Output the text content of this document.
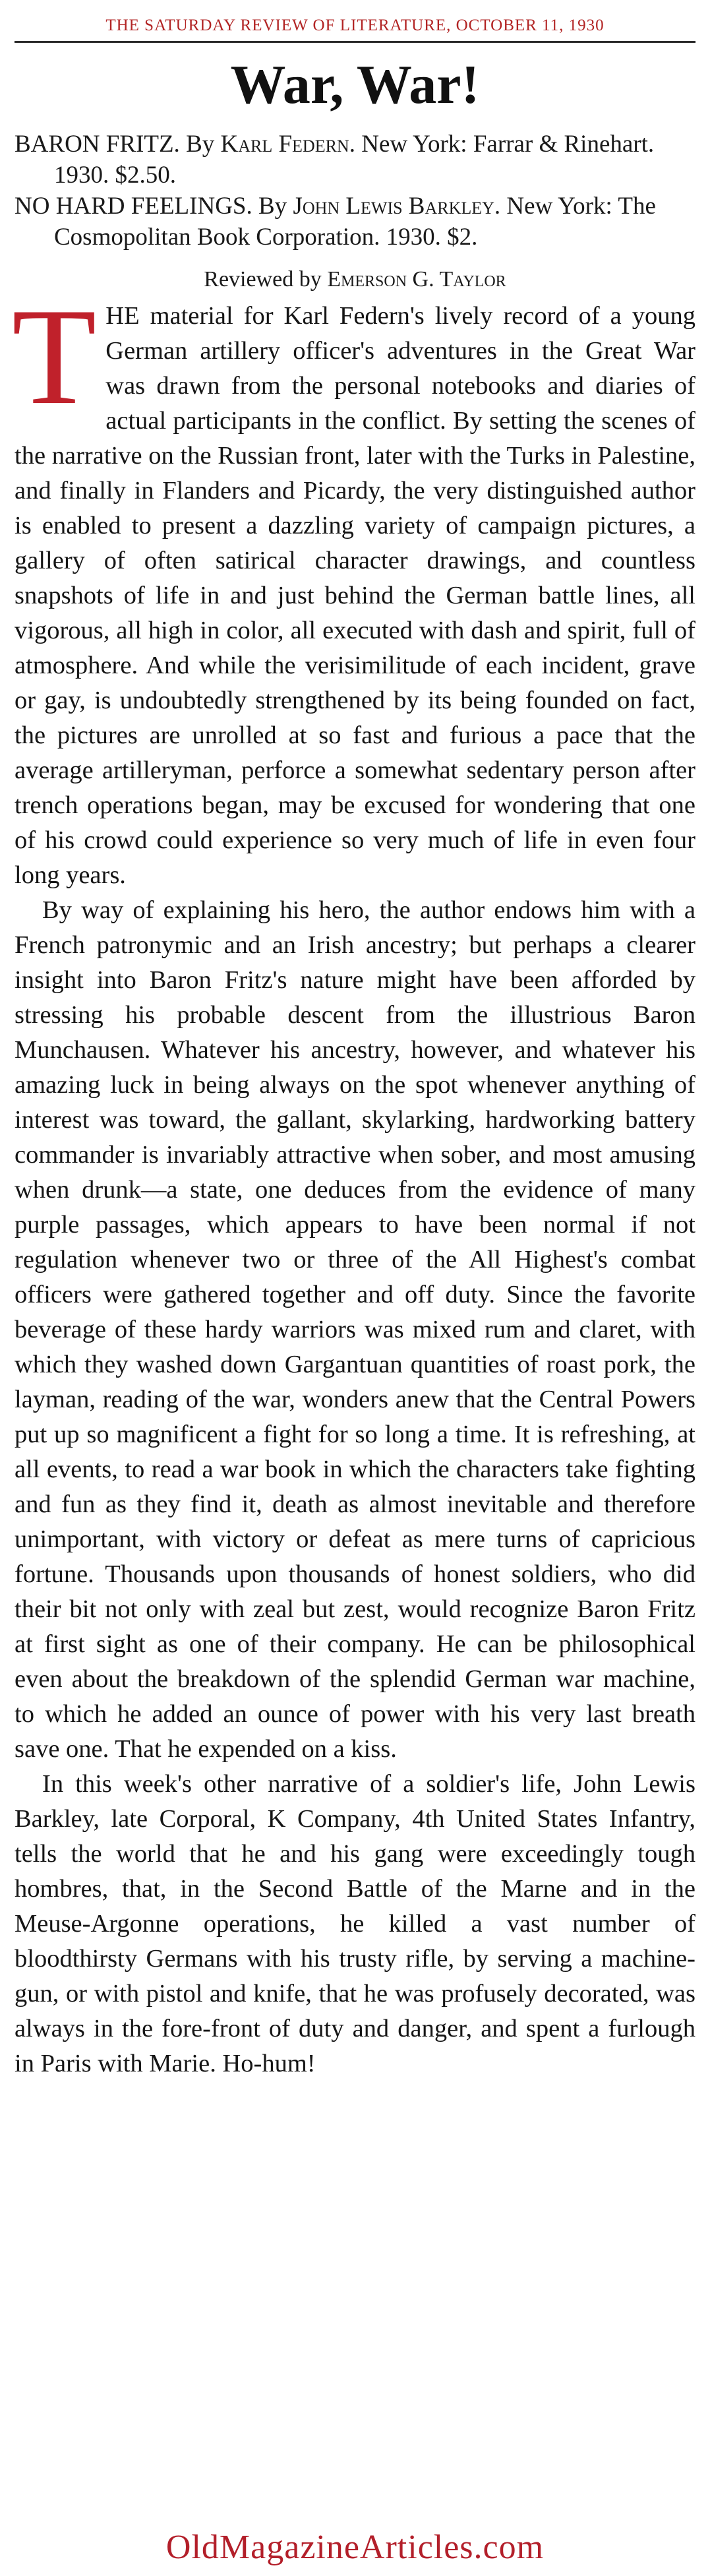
THE SATURDAY REVIEW OF LITERATURE, OCTOBER 11, 1930
War, War!

BARON FRITZ. By Karl Federn. New York: Farrar & Rinehart. 1930. $2.50.

NO HARD FEELINGS. By John Lewis Barkley. New York: The Cosmopolitan Book Corporation. 1930. $2.

Reviewed by Emerson G. Taylor

T HE material for Karl Federn's lively record of a young German artillery officer's adventures in the Great War was drawn from the personal notebooks and diaries of actual participants in the conflict. By setting the scenes of the narrative on the Russian front, later with the Turks in Palestine, and finally in Flanders and Picardy, the very distinguished author is enabled to present a dazzling variety of campaign pictures, a gallery of often satirical character drawings, and countless snapshots of life in and just behind the German battle lines, all vigorous, all high in color, all executed with dash and spirit, full of atmosphere. And while the verisimilitude of each incident, grave or gay, is undoubtedly strengthened by its being founded on fact, the pictures are unrolled at so fast and furious a pace that the average artilleryman, perforce a somewhat sedentary person after trench operations began, may be excused for wondering that one of his crowd could experience so very much of life in even four long years.

By way of explaining his hero, the author endows him with a French patronymic and an Irish ancestry; but perhaps a clearer insight into Baron Fritz's nature might have been afforded by stressing his probable descent from the illustrious Baron Munchausen. Whatever his ancestry, however, and whatever his amazing luck in being always on the spot whenever anything of interest was toward, the gallant, skylarking, hardworking battery commander is invariably attractive when sober, and most amusing when drunk—a state, one deduces from the evidence of many purple passages, which appears to have been normal if not regulation whenever two or three of the All Highest's combat officers were gathered together and off duty. Since the favorite beverage of these hardy warriors was mixed rum and claret, with which they washed down Gargantuan quantities of roast pork, the layman, reading of the war, wonders anew that the Central Powers put up so magnificent a fight for so long a time. It is refreshing, at all events, to read a war book in which the characters take fighting and fun as they find it, death as almost inevitable and therefore unimportant, with victory or defeat as mere turns of capricious fortune. Thousands upon thousands of honest soldiers, who did their bit not only with zeal but zest, would recognize Baron Fritz at first sight as one of their company. He can be philosophical even about the breakdown of the splendid German war machine, to which he added an ounce of power with his very last breath save one. That he expended on a kiss.

In this week's other narrative of a soldier's life, John Lewis Barkley, late Corporal, K Company, 4th United States Infantry, tells the world that he and his gang were exceedingly tough hombres, that, in the Second Battle of the Marne and in the Meuse-Argonne operations, he killed a vast number of bloodthirsty Germans with his trusty rifle, by serving a machine-gun, or with pistol and knife, that he was profusely decorated, was always in the fore-front of duty and danger, and spent a furlough in Paris with Marie. Ho-hum!

OldMagazineArticles.com
